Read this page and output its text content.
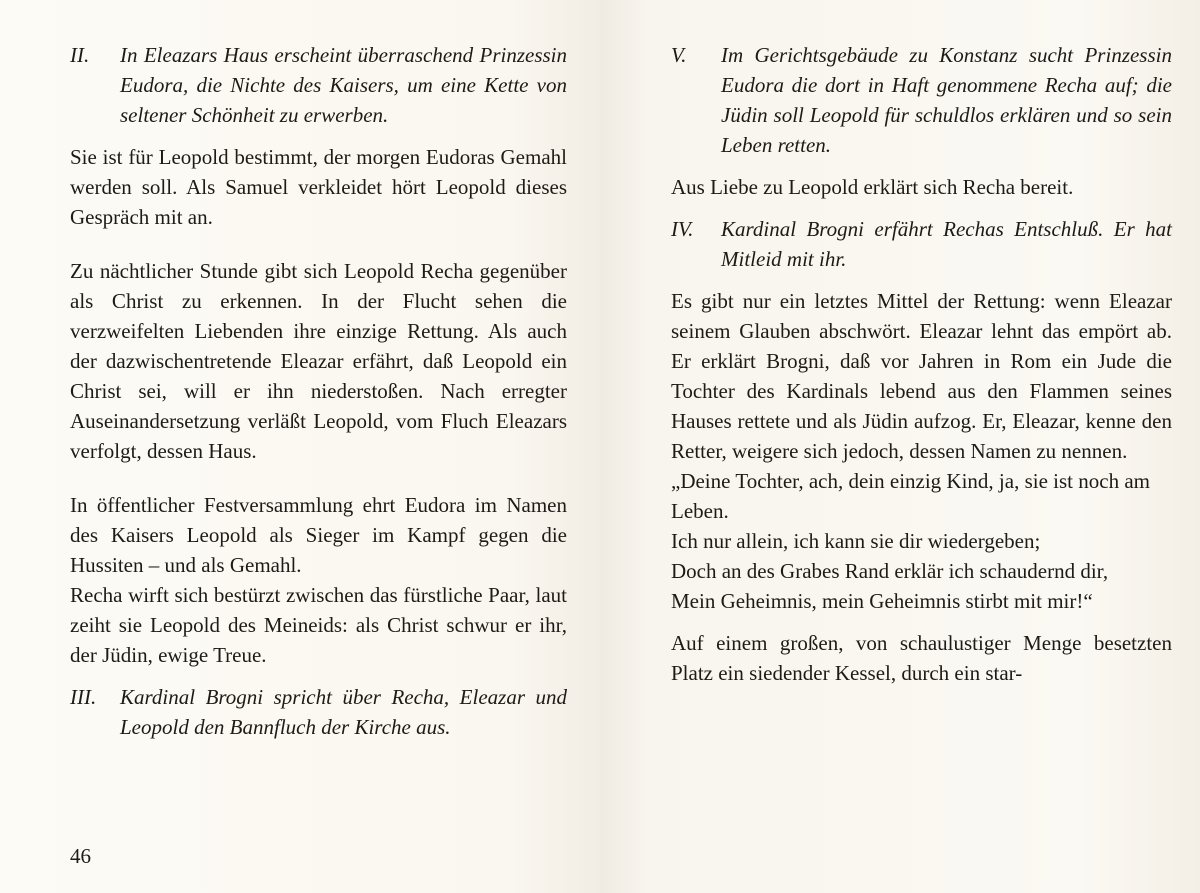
II. In Eleazars Haus erscheint überraschend Prinzessin Eudora, die Nichte des Kaisers, um eine Kette von seltener Schönheit zu erwerben.

Sie ist für Leopold bestimmt, der morgen Eudoras Gemahl werden soll. Als Samuel verkleidet hört Leopold dieses Gespräch mit an.

Zu nächtlicher Stunde gibt sich Leopold Recha gegenüber als Christ zu erkennen. In der Flucht sehen die verzweifelten Liebenden ihre einzige Rettung. Als auch der dazwischentretende Eleazar erfährt, daß Leopold ein Christ sei, will er ihn niederstoßen. Nach erregter Auseinandersetzung verläßt Leopold, vom Fluch Eleazars verfolgt, dessen Haus.

In öffentlicher Festversammlung ehrt Eudora im Namen des Kaisers Leopold als Sieger im Kampf gegen die Hussiten – und als Gemahl.

Recha wirft sich bestürzt zwischen das fürstliche Paar, laut zeiht sie Leopold des Meineids: als Christ schwur er ihr, der Jüdin, ewige Treue.

III. Kardinal Brogni spricht über Recha, Eleazar und Leopold den Bannfluch der Kirche aus.
46
V. Im Gerichtsgebäude zu Konstanz sucht Prinzessin Eudora die dort in Haft genommene Recha auf; die Jüdin soll Leopold für schuldlos erklären und so sein Leben retten.

Aus Liebe zu Leopold erklärt sich Recha bereit.

IV. Kardinal Brogni erfährt Rechas Entschluß. Er hat Mitleid mit ihr.

Es gibt nur ein letztes Mittel der Rettung: wenn Eleazar seinem Glauben abschwört. Eleazar lehnt das empört ab. Er erklärt Brogni, daß vor Jahren in Rom ein Jude die Tochter des Kardinals lebend aus den Flammen seines Hauses rettete und als Jüdin aufzog. Er, Eleazar, kenne den Retter, weigere sich jedoch, dessen Namen zu nennen.

„Deine Tochter, ach, dein einzig Kind, ja, sie ist noch am Leben.

Ich nur allein, ich kann sie dir wiedergeben;

Doch an des Grabes Rand erklär ich schaudernd dir,

Mein Geheimnis, mein Geheimnis stirbt mit mir!“

Auf einem großen, von schaulustiger Menge besetzten Platz ein siedender Kessel, durch ein star-
